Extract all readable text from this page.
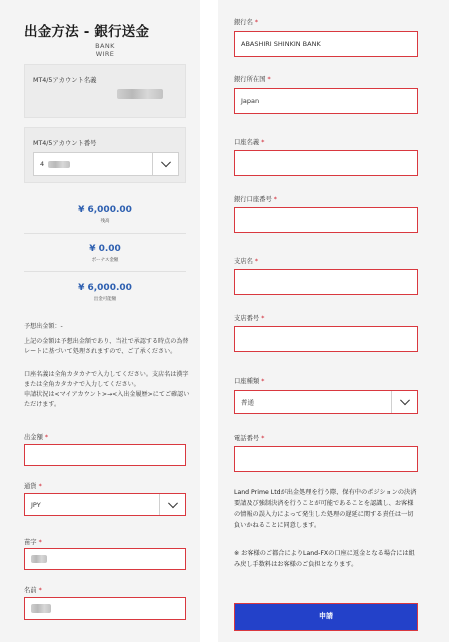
出金方法 - 銀行送金
BANK
WIRE
MT4/5アカウント名義
MT4/5アカウント番号
4
¥ 6,000.00
残高
¥ 0.00
ボーナス金額
¥ 6,000.00
出金可能額
予想出金額：-
上記の金額は予想出金額であり、当社で承認する時点の為替レートに基づいて処理されますので、ご了承ください。
口座名義は全角カタカナで入力してください。支店名は漢字または全角カタカナで入力してください。
申請状況は<マイアカウント>→<入出金履歴>にてご確認いただけます。
出金額 *
通貨 *
JPY
苗字 *
名前 *
銀行名 *
ABASHIRI SHINKIN BANK
銀行所在国 *
Japan
口座名義 *
銀行口座番号 *
支店名 *
支店番号 *
口座種類 *
普通
電話番号 *
Land Prime Ltdが出金処理を行う際、保有中のポジションの決済要請及び強制決済を行うことが可能であることを認識し、お客様の情報の誤入力によって発生した処理の遅延に関する責任は一切負いかねることに同意します。
※ お客様のご都合によりLand-FXの口座に返金となる場合には組み戻し手数料はお客様のご負担となります。
申請
